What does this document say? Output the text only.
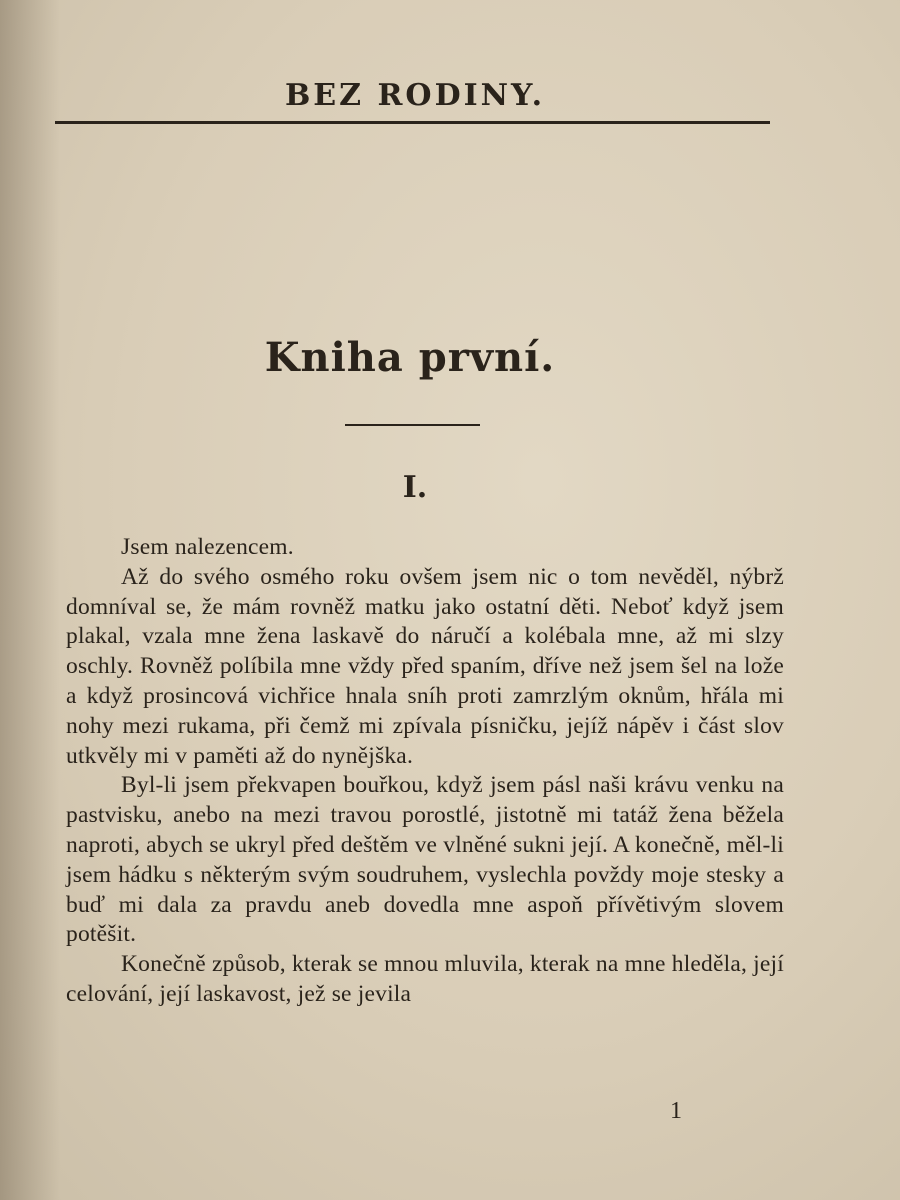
BEZ RODINY.
Kniha první.
I.

Jsem nalezencem.

Až do svého osmého roku ovšem jsem nic o tom nevěděl, nýbrž domníval se, že mám rovněž matku jako ostatní děti. Neboť když jsem plakal, vzala mne žena laskavě do náručí a kolébala mne, až mi slzy oschly. Rovněž políbila mne vždy před spaním, dříve než jsem šel na lože a když prosincová vichřice hnala sníh proti zamrzlým oknům, hřála mi nohy mezi rukama, při čemž mi zpívala písničku, jejíž nápěv i část slov utkvěly mi v paměti až do nynějška.

Byl-li jsem překvapen bouřkou, když jsem pásl naši krávu venku na pastvisku, anebo na mezi travou porostlé, jistotně mi tatáž žena běžela naproti, abych se ukryl před deštěm ve vlněné sukni její. A konečně, měl-li jsem hádku s některým svým soudruhem, vyslechla povždy moje stesky a buď mi dala za pravdu aneb dovedla mne aspoň přívětivým slovem potěšit.

Konečně způsob, kterak se mnou mluvila, kterak na mne hleděla, její celování, její laskavost, jež se jevila

1
